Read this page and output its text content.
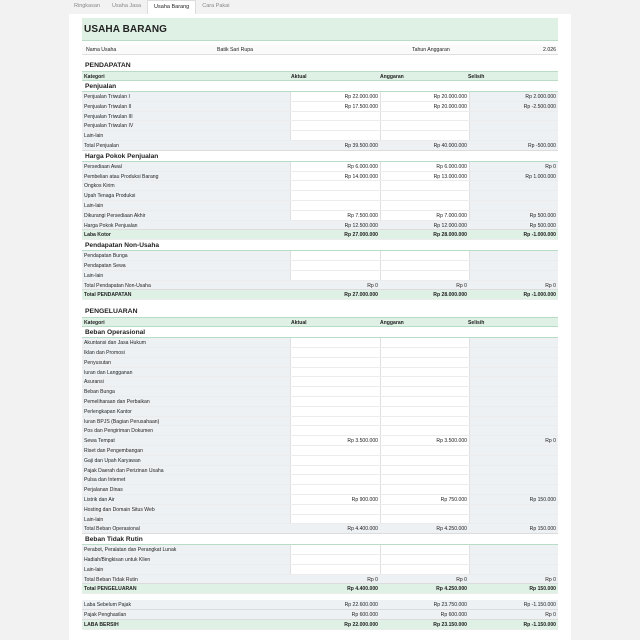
Ringkasan	Usaha Jasa	Usaha Barang	Cara Pakai
USAHA BARANG
Nama Usaha	Batik Sari Rupa	Tahun Anggaran	2.026
PENDAPATAN
Kategori	Aktual	Anggaran	Selisih
Penjualan
Penjualan Triwulan I	Rp 22.000.000	Rp 20.000.000	Rp 2.000.000
Penjualan Triwulan II	Rp 17.500.000	Rp 20.000.000	Rp -2.500.000
Penjualan Triwulan III
Penjualan Triwulan IV
Lain-lain
Total Penjualan	Rp 39.500.000	Rp 40.000.000	Rp -500.000
Harga Pokok Penjualan
Persediaan Awal	Rp 6.000.000	Rp 6.000.000	Rp 0
Pembelian atau Produksi Barang	Rp 14.000.000	Rp 13.000.000	Rp 1.000.000
Ongkos Kirim
Upah Tenaga Produksi
Lain-lain
Dikurangi Persediaan Akhir	Rp 7.500.000	Rp 7.000.000	Rp 500.000
Harga Pokok Penjualan	Rp 12.500.000	Rp 12.000.000	Rp 500.000
Laba Kotor	Rp 27.000.000	Rp 28.000.000	Rp -1.000.000
Pendapatan Non-Usaha
Pendapatan Bunga
Pendapatan Sewa
Lain-lain
Total Pendapatan Non-Usaha	Rp 0	Rp 0	Rp 0
Total PENDAPATAN	Rp 27.000.000	Rp 28.000.000	Rp -1.000.000
PENGELUARAN
Kategori	Aktual	Anggaran	Selisih
Beban Operasional
Akuntansi dan Jasa Hukum
Iklan dan Promosi
Penyusutan
Iuran dan Langganan
Asuransi
Beban Bunga
Pemeliharaan dan Perbaikan
Perlengkapan Kantor
Iuran BPJS (Bagian Perusahaan)
Pos dan Pengiriman Dokumen
Sewa Tempat	Rp 3.500.000	Rp 3.500.000	Rp 0
Riset dan Pengembangan
Gaji dan Upah Karyawan
Pajak Daerah dan Perizinan Usaha
Pulsa dan Internet
Perjalanan Dinas
Listrik dan Air	Rp 900.000	Rp 750.000	Rp 150.000
Hosting dan Domain Situs Web
Lain-lain
Total Beban Operasional	Rp 4.400.000	Rp 4.250.000	Rp 150.000
Beban Tidak Rutin
Perabot, Peralatan dan Perangkat Lunak
Hadiah/Bingkisan untuk Klien
Lain-lain
Total Beban Tidak Rutin	Rp 0	Rp 0	Rp 0
Total PENGELUARAN	Rp 4.400.000	Rp 4.250.000	Rp 150.000
Laba Sebelum Pajak	Rp 22.600.000	Rp 23.750.000	Rp -1.150.000
Pajak Penghasilan	Rp 600.000	Rp 600.000	Rp 0
LABA BERSIH	Rp 22.000.000	Rp 23.150.000	Rp -1.150.000
